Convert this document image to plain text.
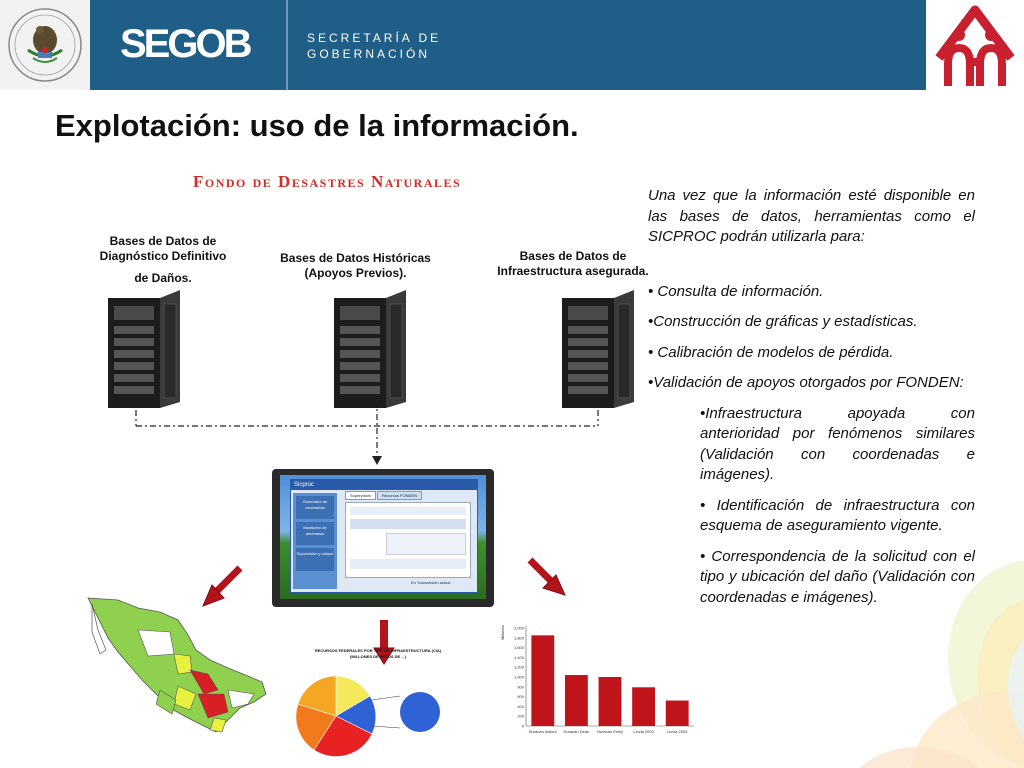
SEGOB	SECRETARÍA DE
GOBERNACIÓN
Explotación: uso de la información.
Fondo de Desastres Naturales
Bases de Datos de
Diagnóstico Definitivo
de Daños.
Bases de Datos Históricas
(Apoyos Previos).
Bases de Datos de
Infraestructura asegurada.

Una vez que la información esté disponible en las bases de datos, herramientas como el SICPROC podrán utilizarla para:

• Consulta de información.

•Construcción de gráficas y estadísticas.

• Calibración de modelos de pérdida.

•Validación de apoyos otorgados por FONDEN:

•Infraestructura apoyada con anterioridad por fenómenos similares (Validación con coordenadas e imágenes).

• Identificación de infraestructura con esquema de aseguramiento vigente.

• Correspondencia de la solicitud con el tipo y ubicación del daño (Validación con coordenadas e imágenes).

Sicproc
Generador de escenarios
Monitoreo de amenazas
Supervisión y enlace
Supervisión	Recursos FONDEN
En Transmisión actual
RECURSOS FEDERALES POR TIPO DE INFRAESTRUCTURA (CIA)
(MILLONES DE PESOS DE ...)
Millones
0
200
400
600
800
1,000
1,200
1,400
1,600
1,800
2,000
Huracán Isidore Huracán Dean Huracán Emily	Lluvia 2003	Lluvia 2004
